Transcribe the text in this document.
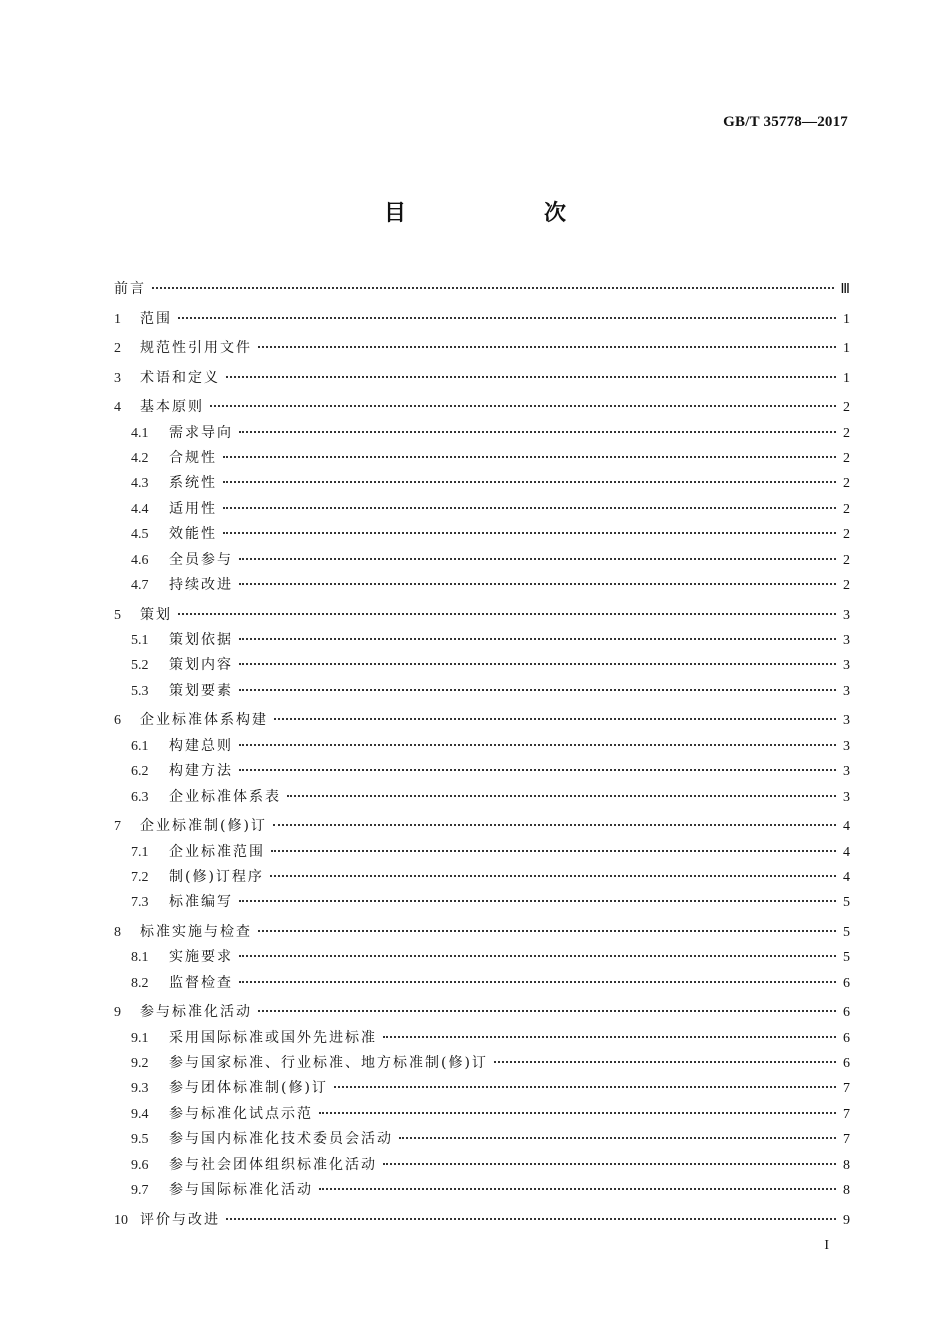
GB/T 35778—2017
目　次
前言	Ⅲ
1	范围	1
2	规范性引用文件	1
3	术语和定义	1
4	基本原则	2
4.1	需求导向	2
4.2	合规性	2
4.3	系统性	2
4.4	适用性	2
4.5	效能性	2
4.6	全员参与	2
4.7	持续改进	2
5	策划	3
5.1	策划依据	3
5.2	策划内容	3
5.3	策划要素	3
6	企业标准体系构建	3
6.1	构建总则	3
6.2	构建方法	3
6.3	企业标准体系表	3
7	企业标准制(修)订	4
7.1	企业标准范围	4
7.2	制(修)订程序	4
7.3	标准编写	5
8	标准实施与检查	5
8.1	实施要求	5
8.2	监督检查	6
9	参与标准化活动	6
9.1	采用国际标准或国外先进标准	6
9.2	参与国家标准、行业标准、地方标准制(修)订	6
9.3	参与团体标准制(修)订	7
9.4	参与标准化试点示范	7
9.5	参与国内标准化技术委员会活动	7
9.6	参与社会团体组织标准化活动	8
9.7	参与国际标准化活动	8
10 评价与改进	9
I
